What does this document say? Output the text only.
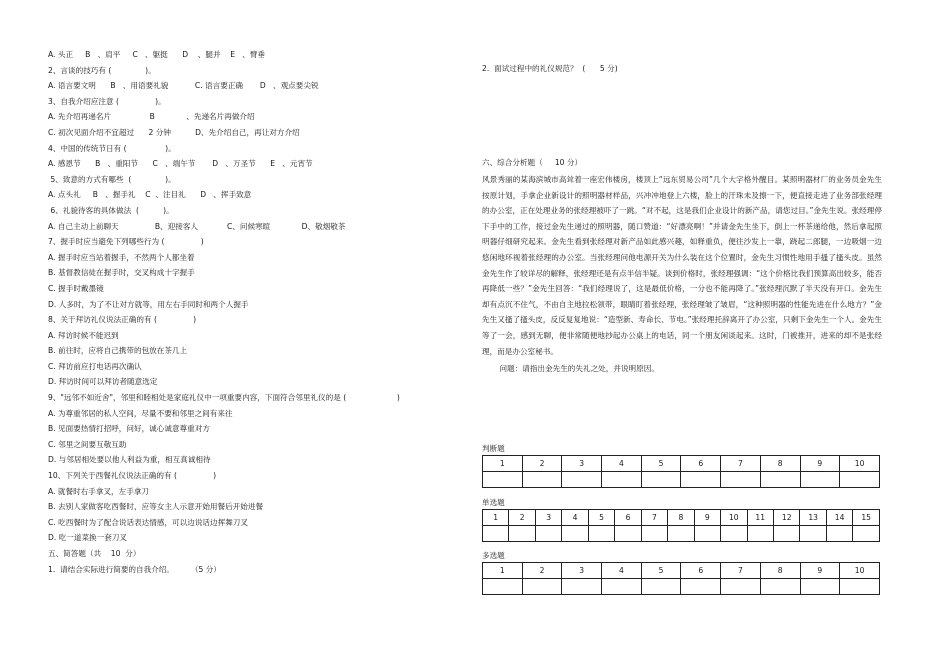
A. 头正     B   、肩平     C   、躯挺      D    、腿并    E   、臂垂
2、言谈的技巧有 (              )。
A. 语言要文明      B   、用语要礼貌           C. 语言要正确       D   、观点要尖锐
3、自我介绍应注意 (               )。
A. 先介绍再递名片                B             、先递名片再做介绍
C. 初次见面介绍不宜超过      2 分钟          D、先介绍自己，再让对方介绍
4、中国的传统节日有 (                )。
A. 感恩节      B   、重阳节      C   、端午节       D   、万圣节      E   、元宵节
5、致意的方式有哪些  (              )。
A. 点头礼     B   、握手礼    C  、注目礼      D   、挥手致意
6、礼貌待客的具体做法  (          )。
A. 自己主动上前聊天               B、迎接客人            C、问候寒暄             D、敬烟敬茶
7、握手时应当避免下列哪些行为 (               )
A. 握手时应当站着握手，不然两个人都坐着
B. 基督教信徒在握手时，交叉构成十字握手
C. 握手时戴墨镜
D. 人多时，为了不让对方就等，用左右手同时和两个人握手
8、关于拜访礼仪说法正确的有 (               )
A. 拜访时候不能迟到
B. 前往时，应将自己携带的包放在茶几上
C. 拜访前应打电话再次确认
D. 拜访时间可以拜访者随意选定
9、"远邻不如近舍"，邻里和睦相处是家庭礼仪中一项重要内容，下面符合邻里礼仪的是 (                     )
A. 为尊重邻居的私人空间，尽量不要和邻里之间有来往
B. 见面要热情打招呼，问好，诚心诚意尊重对方
C. 邻里之间要互敬互助
D. 与邻居相处要以他人利益为重，相互真诚相待
10、下列关于西餐礼仪说法正确的有 (               )
A. 就餐时右手拿叉，左手拿刀
B. 去别人家做客吃西餐时，应等女主人示意开始用餐后开始进餐
C. 吃西餐时为了配合说话表达情感，可以边说话边挥舞刀叉
D. 吃一道菜换一套刀叉
五、简答题（共    10  分）
1.  请结合实际进行简要的自我介绍。       （5 分）
2.  面试过程中的礼仪规范？  (      5 分)
六、综合分析题（     10 分）
风景秀丽的某海滨城市高耸着一座宏伟楼房，楼顶上“远东贸易公司”几个大字格外醒目。某照明器材厂的业务员金先生按原计划，手拿企业新设计的照明器材样品，兴冲冲地登上六楼，脸上的汗珠未及擦一下，便直接走进了业务部张经理的办公室，正在处理业务的张经理被吓了一跳。“对不起，这是我们企业设计的新产品，请您过目。”金先生说。张经理停下手中的工作，接过金先生递过的照明器，随口赞道：“好漂亮啊！”并请金先生坐下，倒上一杯茶递给他，然后拿起照明器仔细研究起来。金先生看到张经理对新产品如此感兴趣，如释重负，便往沙发上一靠，跷起二郎腿，一边吸烟一边悠闲地环视着张经理的办公室。当张经理问他电源开关为什么装在这个位置时，金先生习惯性地用手搔了搔头皮。虽然金先生作了较详尽的解释，张经理还是有点半信半疑。谈到价格时，张经理强调：“这个价格比我们预算高出较多，能否再降低一些？”金先生回答：“我们经理说了，这是最低价格，一分也不能再降了。”张经理沉默了半天没有开口。金先生却有点沉不住气，不由自主地拉松领带，眼睛盯着张经理，张经理皱了皱眉，“这种照明器的性能先进在什么地方？”金先生又搔了搔头皮，反反复复地说：“造型新、寿命长、节电。”张经理托辞离开了办公室，只剩下金先生一个人。金先生等了一会，感到无聊，便非常随便地抄起办公桌上的电话，同一个朋友闲谈起来。这时，门被推开，进来的却不是张经理，而是办公室秘书。
问题：请指出金先生的失礼之处，并说明原因。
判断题
1	2	3	4	5	6	7	8	9	10

单选题
1	2	3	4	5	6	7	8	9	10	11	12	13	14	15

多选题
1	2	3	4	5	6	7	8	9	10
